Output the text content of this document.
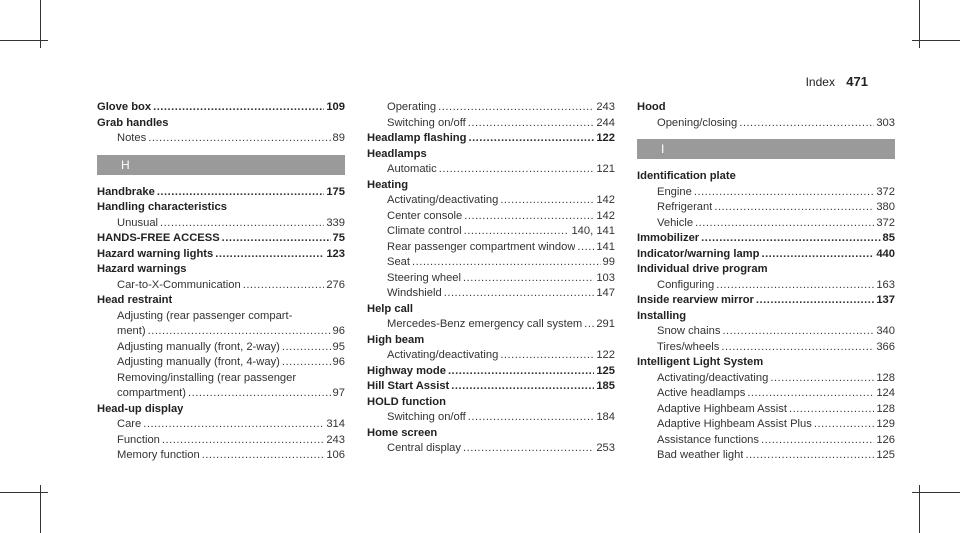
Index 471
Glove box .....	109
Grab handles
Notes .....	89
H
Handbrake .....	175
Handling characteristics
Unusual .....	339
HANDS-FREE ACCESS .....	75
Hazard warning lights .....	123
Hazard warnings
Car-to-X-Communication .....	276
Head restraint
Adjusting (rear passenger compart-
ment) .....	96
Adjusting manually (front, 2-way) .....	95
Adjusting manually (front, 4-way) .....	96
Removing/installing (rear passenger
compartment) .....	97
Head-up display
Care .....	314
Function .....	243
Memory function .....	106
Operating .....	243
Switching on/off .....	244
Headlamp flashing .....	122
Headlamps
Automatic .....	121
Heating
Activating/deactivating .....	142
Center console .....	142
Climate control .....	140, 141
Rear passenger compartment window ..... 141
Seat .....	99
Steering wheel .....	103
Windshield .....	147
Help call
Mercedes-Benz emergency call system ..... 291
High beam
Activating/deactivating .....	122
Highway mode .....	125
Hill Start Assist .....	185
HOLD function
Switching on/off .....	184
Home screen
Central display .....	253
Hood
Opening/closing .....	303
I
Identification plate
Engine .....	372
Refrigerant .....	380
Vehicle .....	372
Immobilizer .....	85
Indicator/warning lamp .....	440
Individual drive program
Configuring .....	163
Inside rearview mirror .....	137
Installing
Snow chains .....	340
Tires/wheels .....	366
Intelligent Light System
Activating/deactivating .....	128
Active headlamps .....	124
Adaptive Highbeam Assist .....	128
Adaptive Highbeam Assist Plus .....	129
Assistance functions .....	126
Bad weather light .....	125
